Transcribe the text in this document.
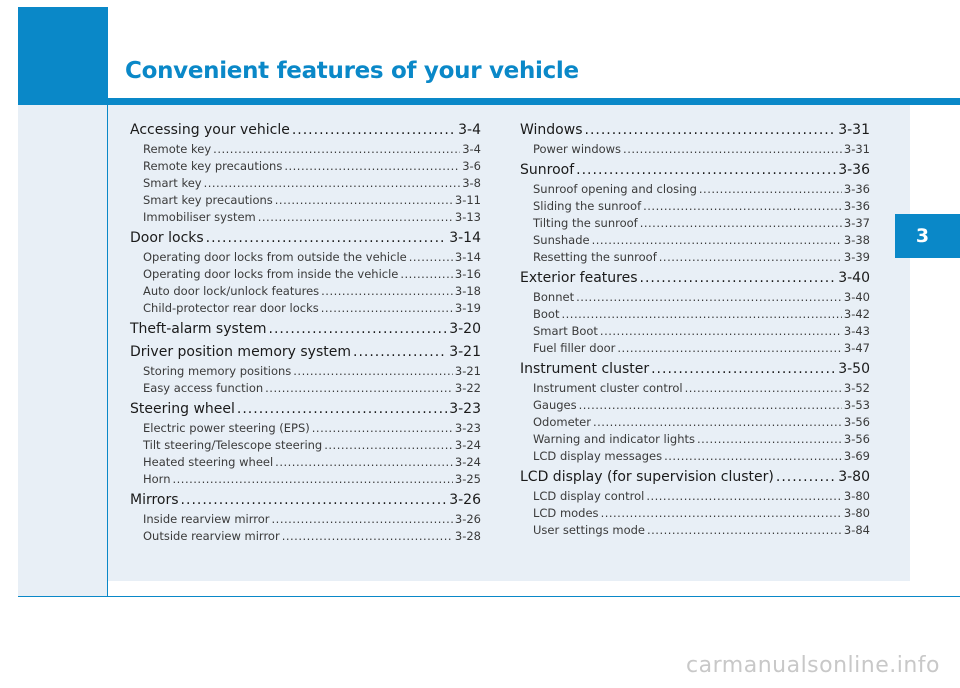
Convenient features of your vehicle
3
Accessing your vehicle .....	3-4
Remote key .....	3-4
Remote key precautions .....	3-6
Smart key .....	3-8
Smart key precautions .....	3-11
Immobiliser system .....	3-13
Door locks .....	3-14
Operating door locks from outside the vehicle .....	3-14
Operating door locks from inside the vehicle .....	3-16
Auto door lock/unlock features .....	3-18
Child-protector rear door locks .....	3-19
Theft-alarm system .....	3-20
Driver position memory system .....	3-21
Storing memory positions .....	3-21
Easy access function .....	3-22
Steering wheel .....	3-23
Electric power steering (EPS) .....	3-23
Tilt steering/Telescope steering .....	3-24
Heated steering wheel .....	3-24
Horn .....	3-25
Mirrors .....	3-26
Inside rearview mirror .....	3-26
Outside rearview mirror .....	3-28
Windows .....	3-31
Power windows .....	3-31
Sunroof .....	3-36
Sunroof opening and closing .....	3-36
Sliding the sunroof .....	3-36
Tilting the sunroof .....	3-37
Sunshade .....	3-38
Resetting the sunroof .....	3-39
Exterior features .....	3-40
Bonnet .....	3-40
Boot .....	3-42
Smart Boot .....	3-43
Fuel filler door .....	3-47
Instrument cluster .....	3-50
Instrument cluster control .....	3-52
Gauges .....	3-53
Odometer .....	3-56
Warning and indicator lights .....	3-56
LCD display messages .....	3-69
LCD display (for supervision cluster) .....	3-80
LCD display control .....	3-80
LCD modes .....	3-80
User settings mode .....	3-84
carmanualsonline.info
